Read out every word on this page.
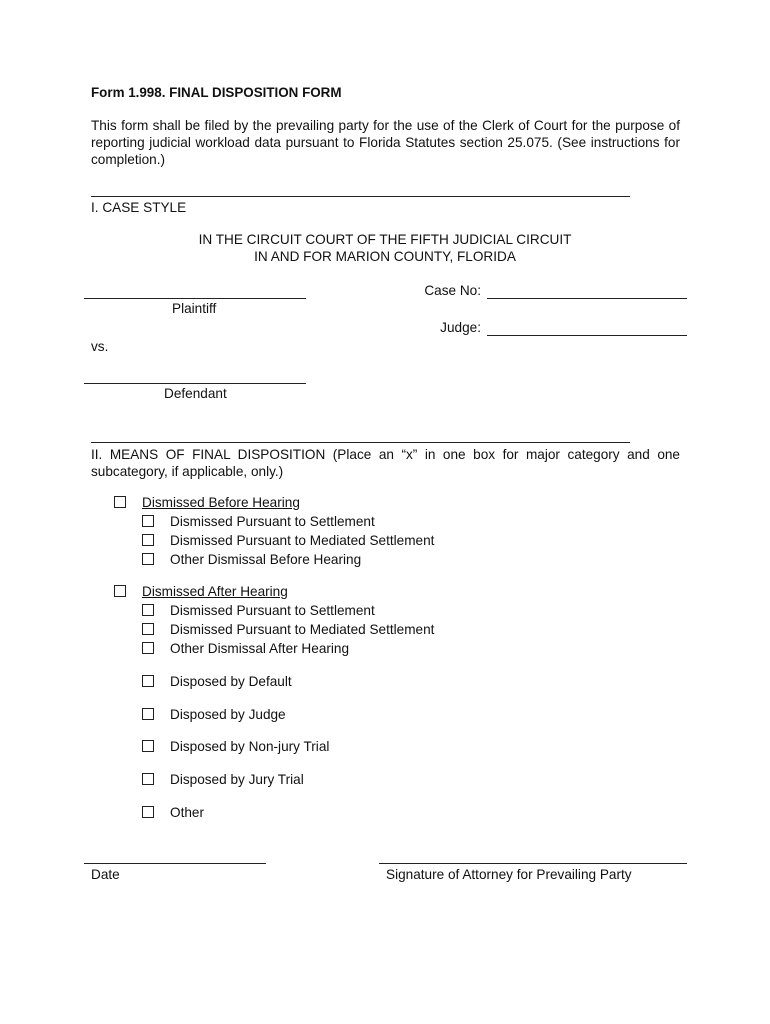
Form 1.998. FINAL DISPOSITION FORM
This form shall be filed by the prevailing party for the use of the Clerk of Court for the purpose of reporting judicial workload data pursuant to Florida Statutes section 25.075. (See instructions for completion.)
I. CASE STYLE
IN THE CIRCUIT COURT OF THE FIFTH JUDICIAL CIRCUIT
IN AND FOR MARION COUNTY, FLORIDA
Plaintiff
Case No:
Judge:
vs.
Defendant
II. MEANS OF FINAL DISPOSITION (Place an “x” in one box for major category and one subcategory, if applicable, only.)
Dismissed Before Hearing
Dismissed Pursuant to Settlement
Dismissed Pursuant to Mediated Settlement
Other Dismissal Before Hearing
Dismissed After Hearing
Dismissed Pursuant to Settlement
Dismissed Pursuant to Mediated Settlement
Other Dismissal After Hearing
Disposed by Default
Disposed by Judge
Disposed by Non-jury Trial
Disposed by Jury Trial
Other
Date	Signature of Attorney for Prevailing Party
